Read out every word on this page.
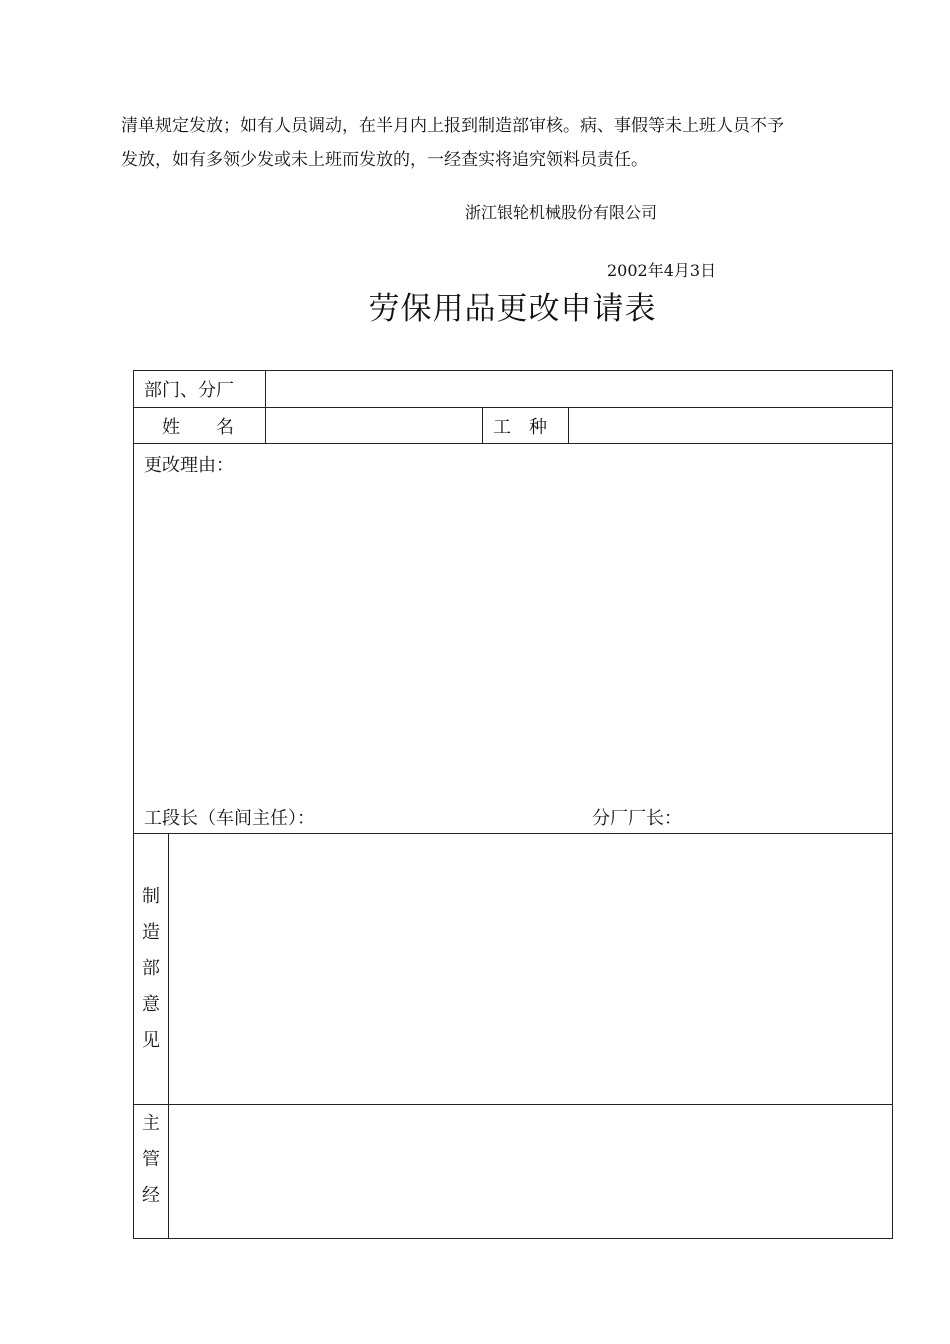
清单规定发放；如有人员调动，在半月内上报到制造部审核。病、事假等未上班人员不予
发放，如有多领少发或未上班而发放的，一经查实将追究领料员责任。
浙江银轮机械股份有限公司
2002年4月3日
劳保用品更改申请表
部门、分厂
姓　　名	工　种
更改理由：
工段长（车间主任）：	分厂厂长：
制
造
部
意
见
主
管
经
